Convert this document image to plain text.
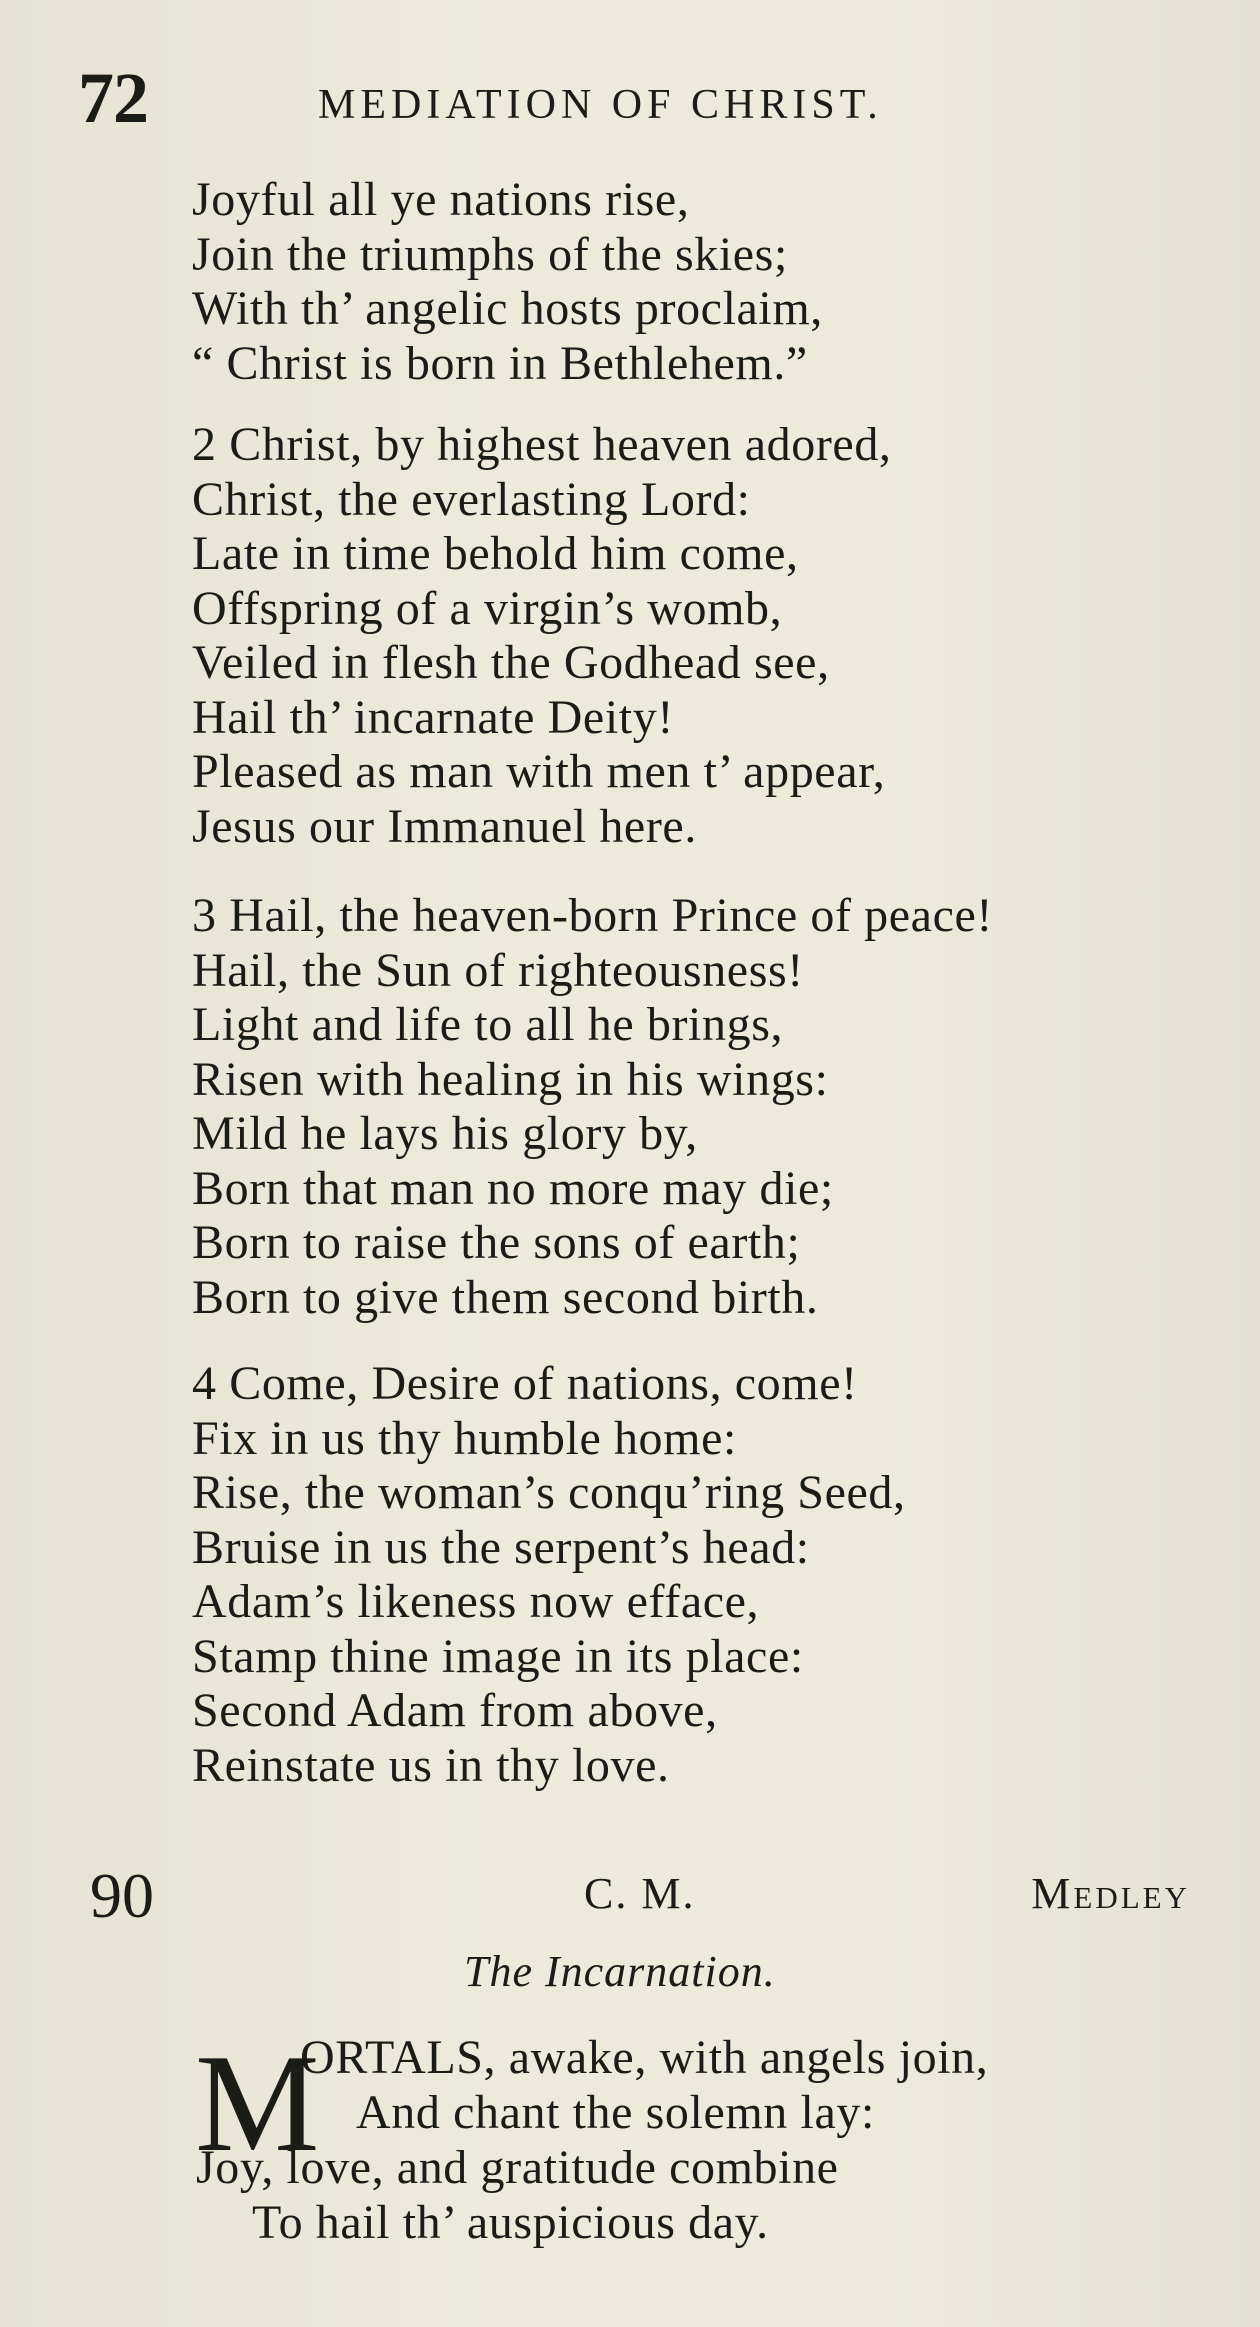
72	MEDIATION OF CHRIST.
Joyful all ye nations rise,
Join the triumphs of the skies;
With th’ angelic hosts proclaim,
“ Christ is born in Bethlehem.”
2 Christ, by highest heaven adored,
Christ, the everlasting Lord:
Late in time behold him come,
Offspring of a virgin’s womb,
Veiled in flesh the Godhead see,
Hail th’ incarnate Deity!
Pleased as man with men t’ appear,
Jesus our Immanuel here.
3 Hail, the heaven-born Prince of peace!
Hail, the Sun of righteousness!
Light and life to all he brings,
Risen with healing in his wings:
Mild he lays his glory by,
Born that man no more may die;
Born to raise the sons of earth;
Born to give them second birth.
4 Come, Desire of nations, come!
Fix in us thy humble home:
Rise, the woman’s conqu’ring Seed,
Bruise in us the serpent’s head:
Adam’s likeness now efface,
Stamp thine image in its place:
Second Adam from above,
Reinstate us in thy love.
90	C. M.	Medley
The Incarnation.
M
ORTALS, awake, with angels join,
And chant the solemn lay:
Joy, love, and gratitude combine
To hail th’ auspicious day.
